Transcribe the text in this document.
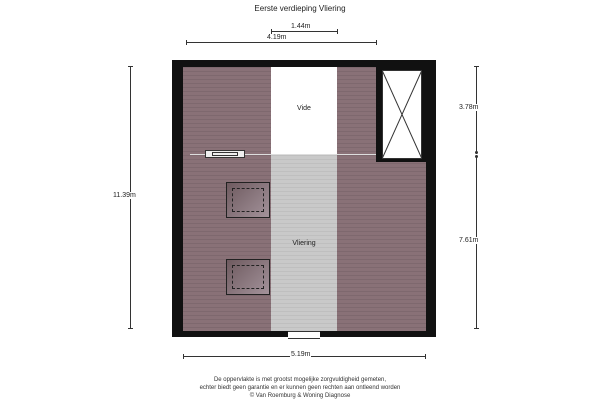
Eerste verdieping Vliering
1.44m
4.19m
11.39m
3.78m
7.61m
Vide
Vliering
5.19m
De oppervlakte is met grootst mogelijke zorgvuldigheid gemeten,
echter biedt geen garantie en er kunnen geen rechten aan ontleend worden
© Van Roemburg & Woning Diagnose
